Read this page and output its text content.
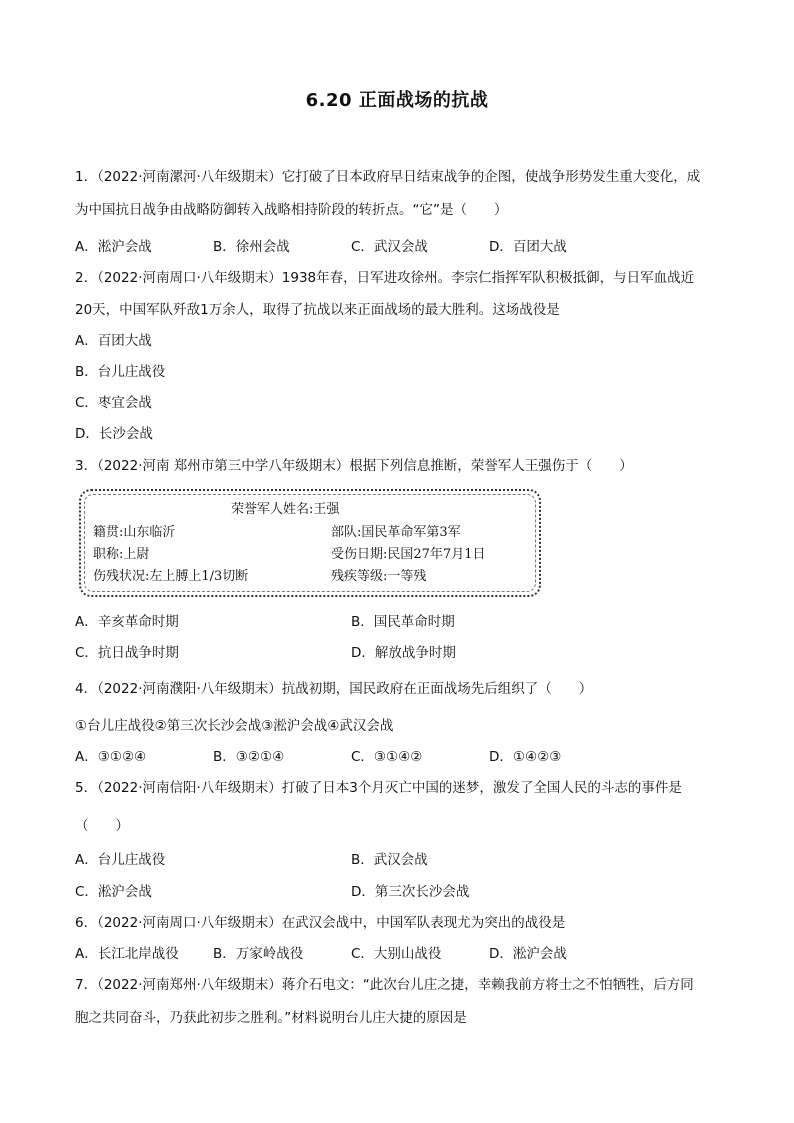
6.20 正面战场的抗战
1．（2022·河南漯河·八年级期末）它打破了日本政府早日结束战争的企图，使战争形势发生重大变化，成
为中国抗日战争由战略防御转入战略相持阶段的转折点。“它”是（　　）
A．淞沪会战	B．徐州会战	C．武汉会战	D．百团大战
2．（2022·河南周口·八年级期末）1938年春，日军进攻徐州。李宗仁指挥军队积极抵御，与日军血战近
20天，中国军队歼敌1万余人，取得了抗战以来正面战场的最大胜利。这场战役是
A．百团大战
B．台儿庄战役
C．枣宜会战
D．长沙会战
3．（2022·河南 郑州市第三中学八年级期末）根据下列信息推断，荣誉军人王强伤于（　　）
荣誉军人姓名:王强
籍贯:山东临沂	部队:国民革命军第3军
职称:上尉	受伤日期:民国27年7月1日
伤残状况:左上膊上1/3切断	残疾等级:一等残
A．辛亥革命时期	B．国民革命时期
C．抗日战争时期	D．解放战争时期
4．（2022·河南濮阳·八年级期末）抗战初期，国民政府在正面战场先后组织了（　　）
①台儿庄战役②第三次长沙会战③淞沪会战④武汉会战
A．③①②④	B．③②①④	C．③①④②	D．①④②③
5．（2022·河南信阳·八年级期末）打破了日本3个月灭亡中国的迷梦，激发了全国人民的斗志的事件是
（　　）
A．台儿庄战役	B．武汉会战
C．淞沪会战	D．第三次长沙会战
6．（2022·河南周口·八年级期末）在武汉会战中，中国军队表现尤为突出的战役是
A．长江北岸战役	B．万家岭战役	C．大别山战役	D．淞沪会战
7．（2022·河南郑州·八年级期末）蒋介石电文：“此次台儿庄之捷，幸赖我前方将士之不怕牺牲，后方同
胞之共同奋斗，乃获此初步之胜利。”材料说明台儿庄大捷的原因是
